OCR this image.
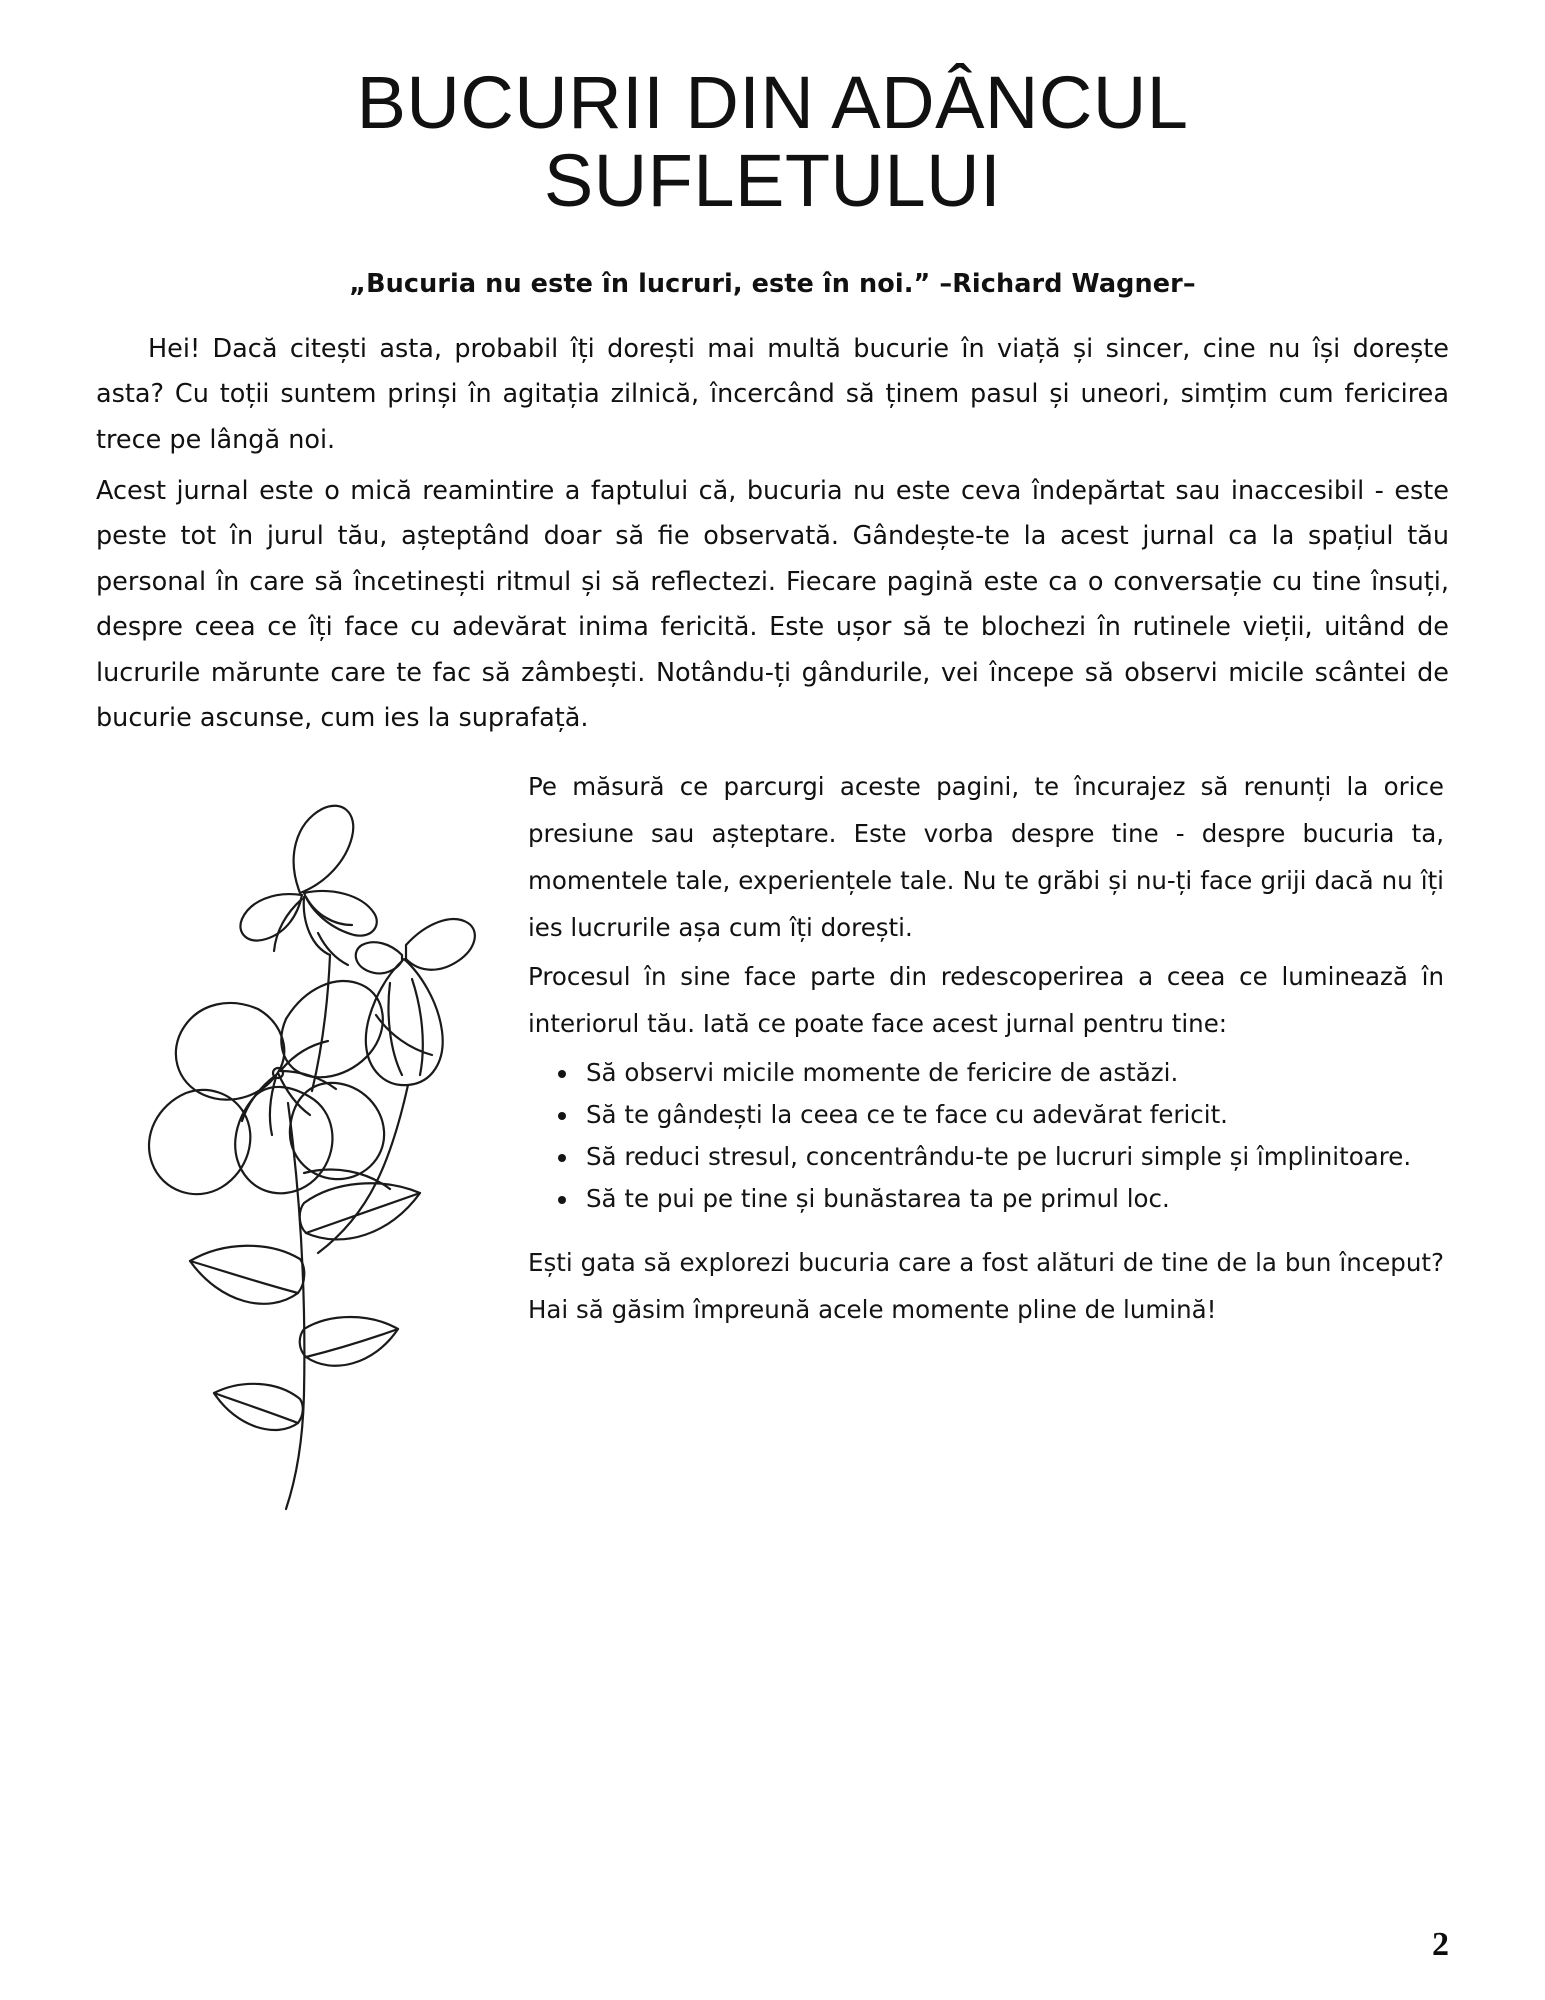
BUCURII DIN ADÂNCUL SUFLETULUI
„Bucuria nu este în lucruri, este în noi.” –Richard Wagner–

Hei! Dacă citești asta, probabil îți dorești mai multă bucurie în viață și sincer, cine nu își dorește asta? Cu toții suntem prinși în agitația zilnică, încercând să ținem pasul și uneori, simțim cum fericirea trece pe lângă noi.

Acest jurnal este o mică reamintire a faptului că, bucuria nu este ceva îndepărtat sau inaccesibil - este peste tot în jurul tău, așteptând doar să fie observată. Gândește-te la acest jurnal ca la spațiul tău personal în care să încetinești ritmul și să reflectezi. Fiecare pagină este ca o conversație cu tine însuți, despre ceea ce îți face cu adevărat inima fericită. Este ușor să te blochezi în rutinele vieții, uitând de lucrurile mărunte care te fac să zâmbești. Notându-ți gândurile, vei începe să observi micile scântei de bucurie ascunse, cum ies la suprafață.

Pe măsură ce parcurgi aceste pagini, te încurajez să renunți la orice presiune sau așteptare. Este vorba despre tine - despre bucuria ta, momentele tale, experiențele tale. Nu te grăbi și nu-ți face griji dacă nu îți ies lucrurile așa cum îți dorești.

Procesul în sine face parte din redescoperirea a ceea ce luminează în interiorul tău. Iată ce poate face acest jurnal pentru tine:

• Să observi micile momente de fericire de astăzi.
• Să te gândești la ceea ce te face cu adevărat fericit.
• Să reduci stresul, concentrându-te pe lucruri simple și împlinitoare.
• Să te pui pe tine și bunăstarea ta pe primul loc.

Ești gata să explorezi bucuria care a fost alături de tine de la bun început? Hai să găsim împreună acele momente pline de lumină!

2
